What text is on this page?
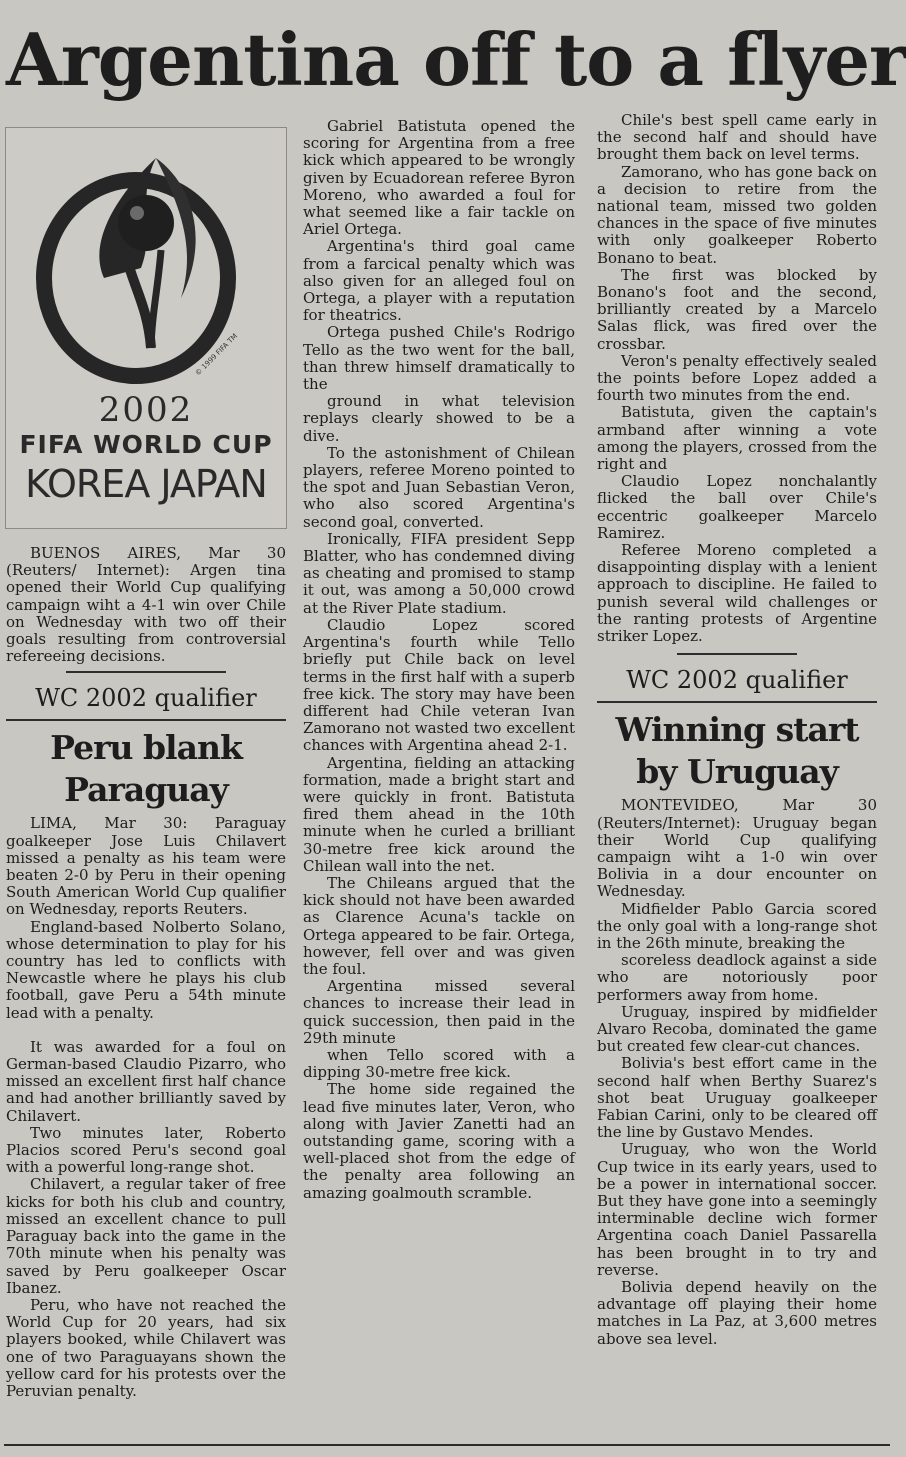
Argentina off to a flyer
© 1999 FIFA TM
2002
FIFA WORLD CUP
KOREA JAPAN

BUENOS AIRES, Mar 30 (Reuters/ Internet): Argen tina opened their World Cup qualifying campaign wiht a 4-1 win over Chile on Wednesday with two off their goals resulting from controversial refereeing decisions.

WC 2002 qualifier
Peru blank Paraguay

LIMA, Mar 30: Paraguay goalkeeper Jose Luis Chilavert missed a penalty as his team were beaten 2-0 by Peru in their opening South American World Cup qualifier on Wednesday, reports Reuters.

England-based Nolberto Solano, whose determination to play for his country has led to conflicts with Newcastle where he plays his club football, gave Peru a 54th minute lead with a penalty.

It was awarded for a foul on German-based Claudio Pizarro, who missed an excellent first half chance and had another brilliantly saved by Chilavert.

Two minutes later, Roberto Placios scored Peru's second goal with a powerful long-range shot.

Chilavert, a regular taker of free kicks for both his club and country, missed an excellent chance to pull Paraguay back into the game in the 70th minute when his penalty was saved by Peru goalkeeper Oscar Ibanez.

Peru, who have not reached the World Cup for 20 years, had six players booked, while Chilavert was one of two Paraguayans shown the yellow card for his protests over the Peruvian penalty.

Gabriel Batistuta opened the scoring for Argentina from a free kick which appeared to be wrongly given by Ecuadorean referee Byron Moreno, who awarded a foul for what seemed like a fair tackle on Ariel Ortega.

Argentina's third goal came from a farcical penalty which was also given for an alleged foul on Ortega, a player with a reputation for theatrics.

Ortega pushed Chile's Rodrigo Tello as the two went for the ball, than threw himself dramatically to the

ground in what television replays clearly showed to be a dive.

To the astonishment of Chilean players, referee Moreno pointed to the spot and Juan Sebastian Veron, who also scored Argentina's second goal, converted.

Ironically, FIFA president Sepp Blatter, who has condemned diving as cheating and promised to stamp it out, was among a 50,000 crowd at the River Plate stadium.

Claudio Lopez scored Argentina's fourth while Tello briefly put Chile back on level terms in the first half with a superb free kick. The story may have been different had Chile veteran Ivan Zamorano not wasted two excellent chances with Argentina ahead 2-1.

Argentina, fielding an attacking formation, made a bright start and were quickly in front. Batistuta fired them ahead in the 10th minute when he curled a brilliant 30-metre free kick around the Chilean wall into the net.

The Chileans argued that the kick should not have been awarded as Clarence Acuna's tackle on Ortega appeared to be fair. Ortega, however, fell over and was given the foul.

Argentina missed several chances to increase their lead in quick succession, then paid in the 29th minute

when Tello scored with a dipping 30-metre free kick.

The home side regained the lead five minutes later, Veron, who along with Javier Zanetti had an outstanding game, scoring with a well-placed shot from the edge of the penalty area following an amazing goalmouth scramble.

Chile's best spell came early in the second half and should have brought them back on level terms.

Zamorano, who has gone back on a decision to retire from the national team, missed two golden chances in the space of five minutes with only goalkeeper Roberto Bonano to beat.

The first was blocked by Bonano's foot and the second, brilliantly created by a Marcelo Salas flick, was fired over the crossbar.

Veron's penalty effectively sealed the points before Lopez added a fourth two minutes from the end.

Batistuta, given the captain's armband after winning a vote among the players, crossed from the right and

Claudio Lopez nonchalantly flicked the ball over Chile's eccentric goalkeeper Marcelo Ramirez.

Referee Moreno completed a disappointing display with a lenient approach to discipline. He failed to punish several wild challenges or the ranting protests of Argentine striker Lopez.

WC 2002 qualifier
Winning start by Uruguay

MONTEVIDEO, Mar 30 (Reuters/Internet): Uruguay began their World Cup qualifying campaign wiht a 1-0 win over Bolivia in a dour encounter on Wednesday.

Midfielder Pablo Garcia scored the only goal with a long-range shot in the 26th minute, breaking the

scoreless deadlock against a side who are notoriously poor performers away from home.

Uruguay, inspired by midfielder Alvaro Recoba, dominated the game but created few clear-cut chances.

Bolivia's best effort came in the second half when Berthy Suarez's shot beat Uruguay goalkeeper Fabian Carini, only to be cleared off the line by Gustavo Mendes.

Uruguay, who won the World Cup twice in its early years, used to be a power in international soccer. But they have gone into a seemingly interminable decline wich former Argentina coach Daniel Passarella has been brought in to try and reverse.

Bolivia depend heavily on the advantage off playing their home matches in La Paz, at 3,600 metres above sea level.
